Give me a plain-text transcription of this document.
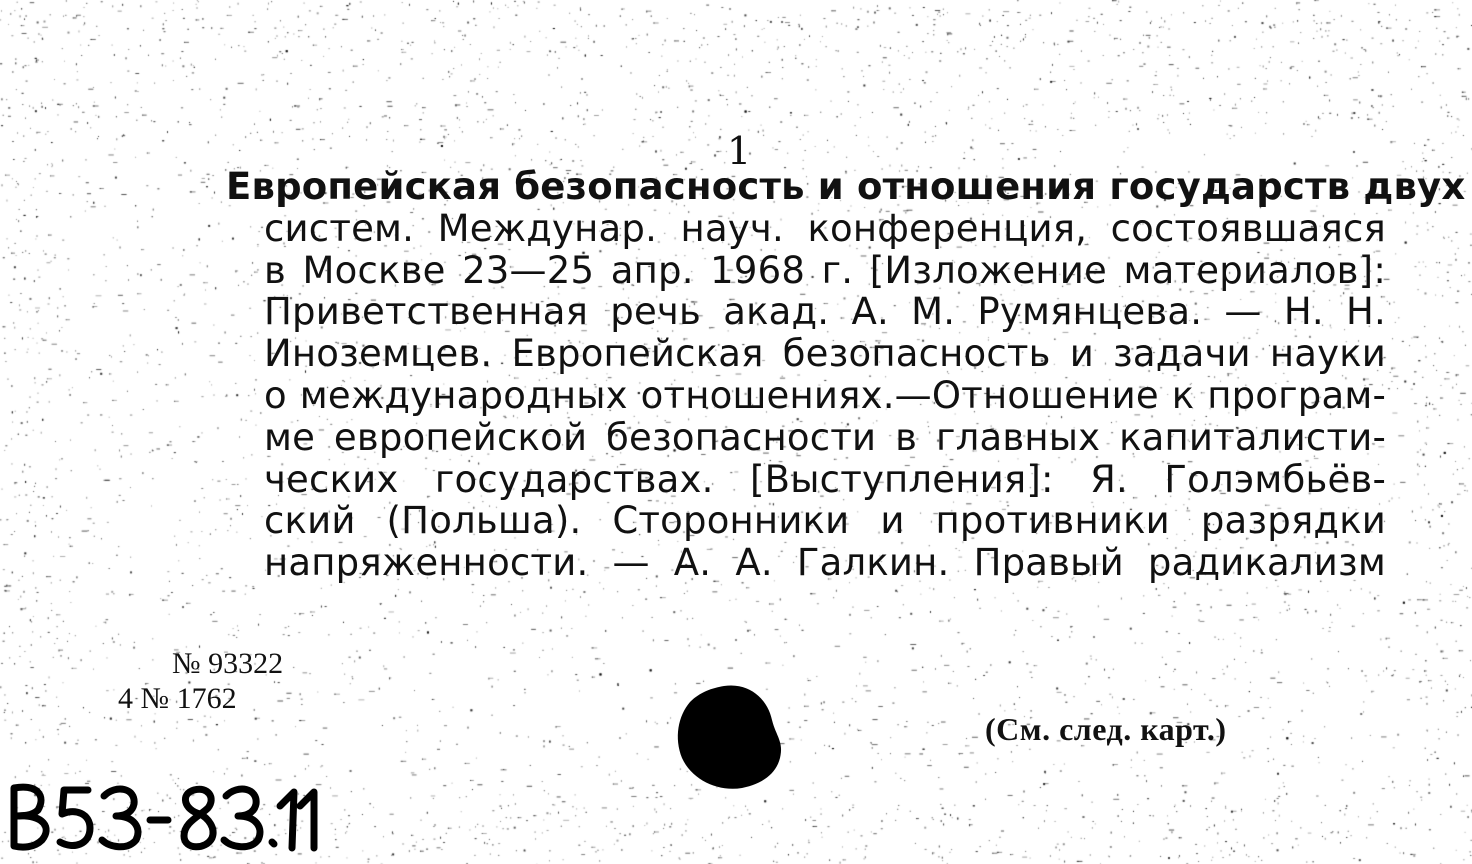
1
Европейская безопасность и отношения государств двух
систем. Междунар. науч. конференция, состоявшаяся
в Москве 23—25 апр. 1968 г. [Изложение материалов]:
Приветственная речь акад. А. М. Румянцева. — Н. Н.
Иноземцев. Европейская безопасность и задачи науки
о международных отношениях.—Отношение к програм-
ме европейской безопасности в главных капиталисти-
ческих государствах. [Выступления]: Я. Голэмбьёв-
ский (Польша). Сторонники и противники разрядки
напряженности. — А. А. Галкин. Правый радикализм
№ 93322
4 № 1762
(См. след. карт.)
